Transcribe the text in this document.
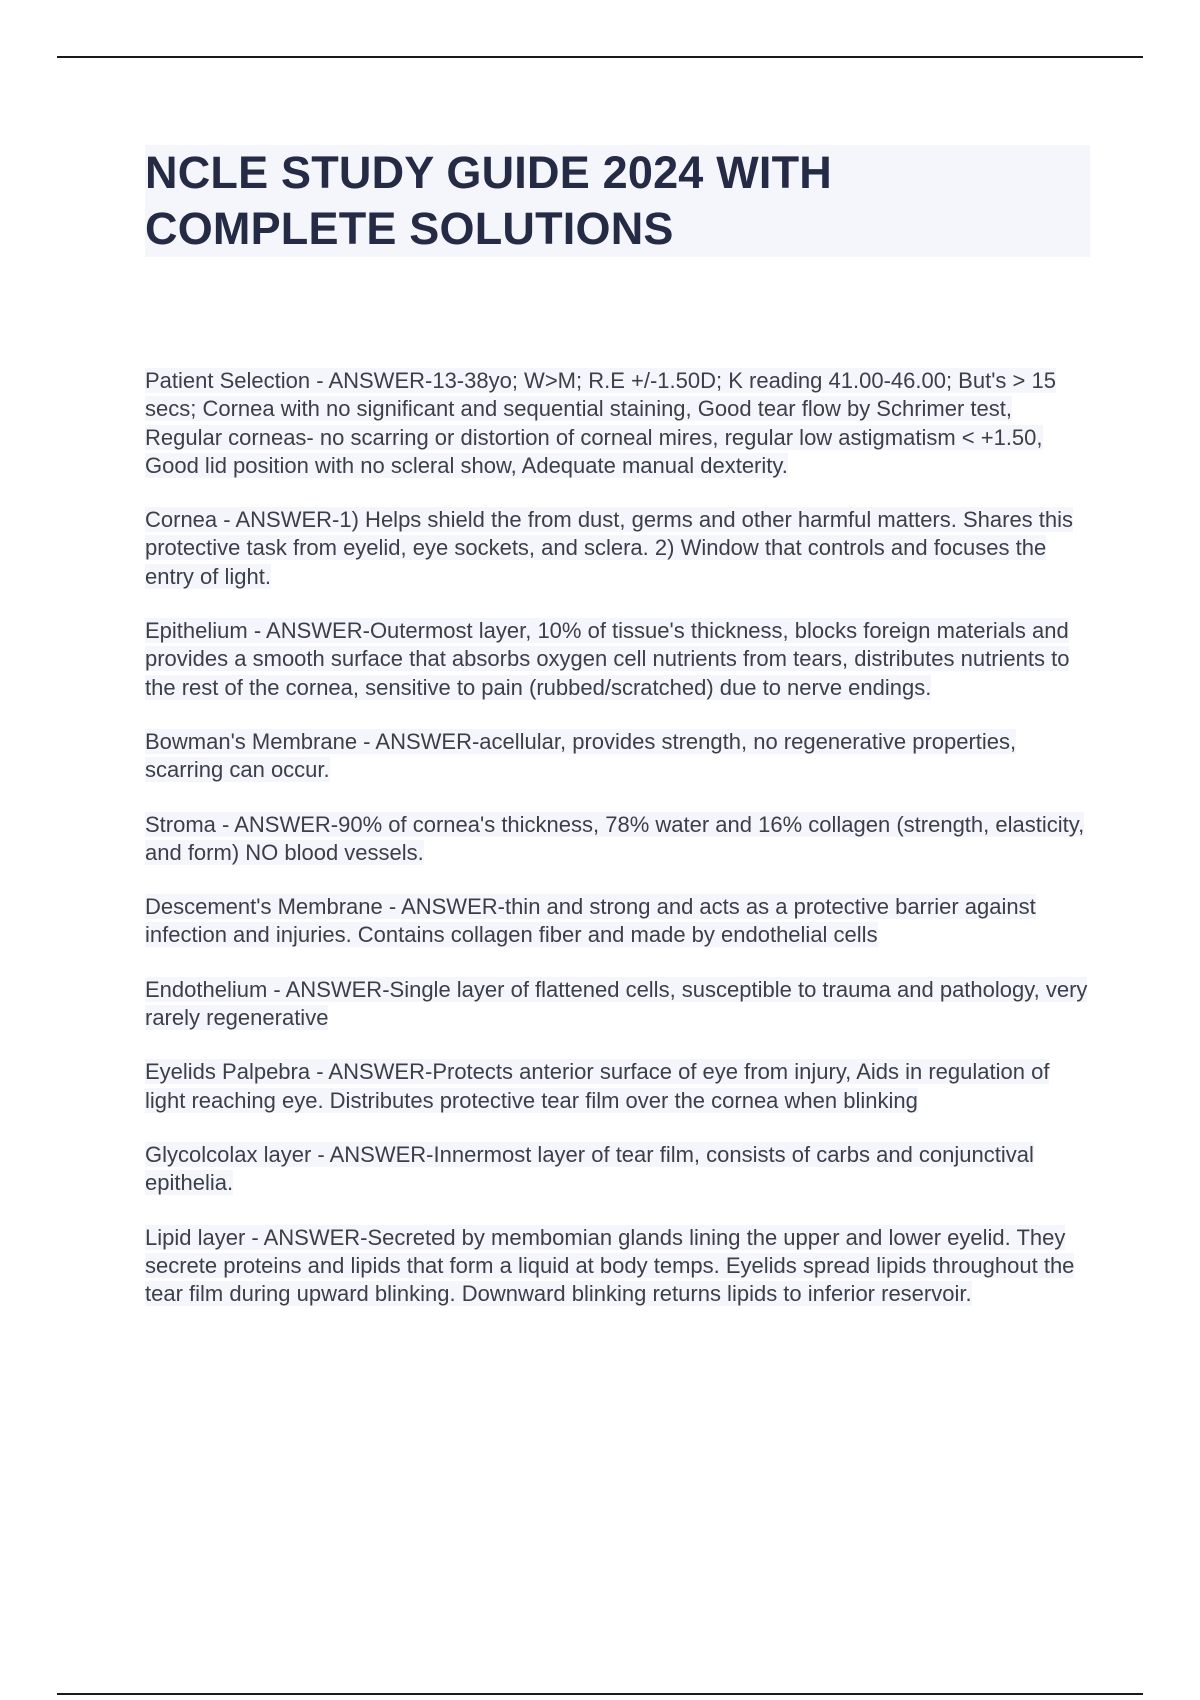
NCLE STUDY GUIDE 2024 WITH COMPLETE SOLUTIONS

Patient Selection - ANSWER-13-38yo; W>M; R.E +/-1.50D; K reading 41.00-46.00; But's > 15 secs; Cornea with no significant and sequential staining, Good tear flow by Schrimer test, Regular corneas- no scarring or distortion of corneal mires, regular low astigmatism < +1.50, Good lid position with no scleral show, Adequate manual dexterity.

Cornea - ANSWER-1) Helps shield the from dust, germs and other harmful matters. Shares this protective task from eyelid, eye sockets, and sclera. 2) Window that controls and focuses the entry of light.

Epithelium - ANSWER-Outermost layer, 10% of tissue's thickness, blocks foreign materials and provides a smooth surface that absorbs oxygen cell nutrients from tears, distributes nutrients to the rest of the cornea, sensitive to pain (rubbed/scratched) due to nerve endings.

Bowman's Membrane - ANSWER-acellular, provides strength, no regenerative properties, scarring can occur.

Stroma - ANSWER-90% of cornea's thickness, 78% water and 16% collagen (strength, elasticity, and form) NO blood vessels.

Descement's Membrane - ANSWER-thin and strong and acts as a protective barrier against infection and injuries. Contains collagen fiber and made by endothelial cells

Endothelium - ANSWER-Single layer of flattened cells, susceptible to trauma and pathology, very rarely regenerative

Eyelids Palpebra - ANSWER-Protects anterior surface of eye from injury, Aids in regulation of light reaching eye. Distributes protective tear film over the cornea when blinking

Glycolcolax layer - ANSWER-Innermost layer of tear film, consists of carbs and conjunctival epithelia.

Lipid layer - ANSWER-Secreted by membomian glands lining the upper and lower eyelid. They secrete proteins and lipids that form a liquid at body temps. Eyelids spread lipids throughout the tear film during upward blinking. Downward blinking returns lipids to inferior reservoir.
